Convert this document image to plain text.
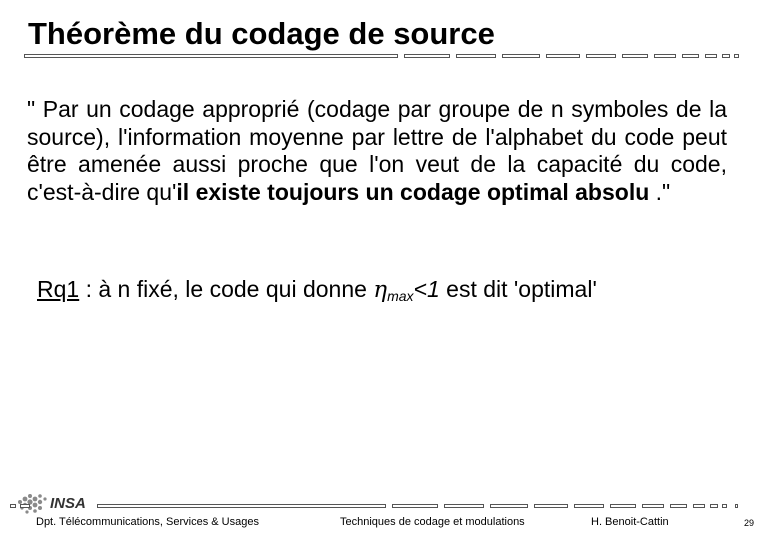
Théorème du codage de source
" Par un codage approprié (codage par groupe de n symboles de la source), l'information moyenne par lettre de l'alphabet du code peut être amenée aussi proche que l'on veut de la capacité du code, c'est-à-dire qu'il existe toujours un codage optimal absolu ."
Rq1 : à n fixé, le code qui donne $\eta_{max}<1$ est dit 'optimal'
INSA
Dpt. Télécommunications, Services & Usages	Techniques de codage et modulations	H. Benoit-Cattin	29
